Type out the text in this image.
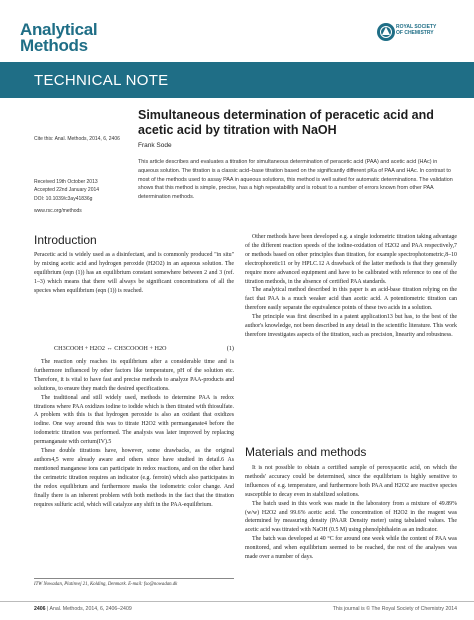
Analytical
Methods
ROYAL SOCIETY
OF CHEMISTRY
TECHNICAL NOTE
Cite this: Anal. Methods, 2014, 6, 2406
Simultaneous determination of peracetic acid and acetic acid by titration with NaOH
Frank Sode
Received 19th October 2013
Accepted 22nd January 2014
DOI: 10.1039/c3ay41836g
www.rsc.org/methods
This article describes and evaluates a titration for simultaneous determination of peracetic acid (PAA) and acetic acid (HAc) in aqueous solution. The titration is a classic acid–base titration based on the significantly different pKa of PAA and HAc. In contrast to most of the methods used to assay PAA in aqueous solutions, this method is well suited for automatic determinations. The validation shows that this method is simple, precise, has a high repeatability and is robust to a number of errors known from other PAA determination methods.
Introduction

Peracetic acid is widely used as a disinfectant, and is commonly produced "in situ" by mixing acetic acid and hydrogen peroxide (H2O2) in an aqueous solution. The equilibrium (eqn (1)) has an equilibrium constant somewhere between 2 and 3 (ref. 1–3) which means that there will always be significant concentrations of all the species when equilibrium (eqn (1)) is reached.

CH3COOH + H2O2 ↔ CH3COOOH + H2O	(1)

The reaction only reaches its equilibrium after a considerable time and is furthermore influenced by other factors like temperature, pH of the solution etc. Therefore, it is vital to have fast and precise methods to analyze PAA-products and solutions, to ensure they match the desired specifications.

The traditional and still widely used, methods to determine PAA is redox titrations where PAA oxidizes iodine to iodide which is then titrated with thiosulfate. A problem with this is that hydrogen peroxide is also an oxidant that oxidizes iodine. One way around this was to titrate H2O2 with permanganate4 before the iodometric titration was performed. The analysis was later improved by replacing permanganate with cerium(IV).5

These double titrations have, however, some drawbacks, as the original authors4,5 were already aware and others since have studied in detail.6 As mentioned manganese ions can participate in redox reactions, and on the other hand the cerimetric titration requires an indicator (e.g. ferroin) which also participates in the redox equilibrium and furthermore masks the iodometric color change. And finally there is an inherent problem with both methods in the fact that the titration requires sulfuric acid, which will catalyze any shift in the PAA-equilibrium.

Other methods have been developed e.g. a single iodometric titration taking advantage of the different reaction speeds of the iodine-oxidation of H2O2 and PAA respectively,7 or methods based on other principles than titration, for example spectrophotometric,8–10 electrophoretic11 or by HPLC.12 A drawback of the latter methods is that they generally require more advanced equipment and have to be calibrated with reference to one of the titration methods, in the absence of certified PAA standards.

The analytical method described in this paper is an acid-base titration relying on the fact that PAA is a much weaker acid than acetic acid. A potentiometric titration can therefore easily separate the equivalence points of these two acids in a solution.

The principle was first described in a patent application13 but has, to the best of the author's knowledge, not been described in any detail in the scientific literature. This work therefore investigates aspects of the titration, such as precision, linearity and robustness.

Materials and methods

It is not possible to obtain a certified sample of peroxyacetic acid, on which the methods' accuracy could be determined, since the equilibrium is highly sensitive to influences of e.g. temperature, and furthermore both PAA and H2O2 are reactive species susceptible to decay even in stabilized solutions.

The batch used in this work was made in the laboratory from a mixture of 49.89% (w/w) H2O2 and 99.6% acetic acid. The concentration of H2O2 in the reagent was determined by measuring density (PAAR Density meter) using tabulated values. The acetic acid was titrated with NaOH (0.5 M) using phenolphthalein as an indicator.

The batch was developed at 40 °C for around one week while the content of PAA was monitored, and when equilibrium seemed to be reached, the rest of the analyses was made over a number of days.

ITW Nowadan, Platinvej 21, Kolding, Denmark. E-mail: fso@nowadan.dk
2406 | Anal. Methods, 2014, 6, 2406–2409	This journal is © The Royal Society of Chemistry 2014
